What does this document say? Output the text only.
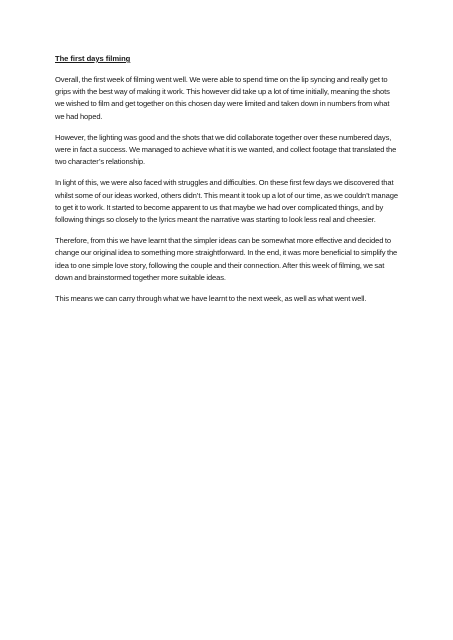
The first days filming

Overall, the first week of filming went well. We were able to spend time on the lip syncing and really get to grips with the best way of making it work. This however did take up a lot of time initially, meaning the shots we wished to film and get together on this chosen day were limited and taken down in numbers from what we had hoped.

However, the lighting was good and the shots that we did collaborate together over these numbered days, were in fact a success. We managed to achieve what it is we wanted, and collect footage that translated the two character’s relationship.

In light of this, we were also faced with struggles and difficulties. On these first few days we discovered that whilst some of our ideas worked, others didn’t. This meant it took up a lot of our time, as we couldn’t manage to get it to work. It started to become apparent to us that maybe we had over complicated things, and by following things so closely to the lyrics meant the narrative was starting to look less real and cheesier.

Therefore, from this we have learnt that the simpler ideas can be somewhat more effective and decided to change our original idea to something more straightforward. In the end, it was more beneficial to simplify the idea to one simple love story, following the couple and their connection. After this week of filming, we sat down and brainstormed together more suitable ideas.

This means we can carry through what we have learnt to the next week, as well as what went well.
